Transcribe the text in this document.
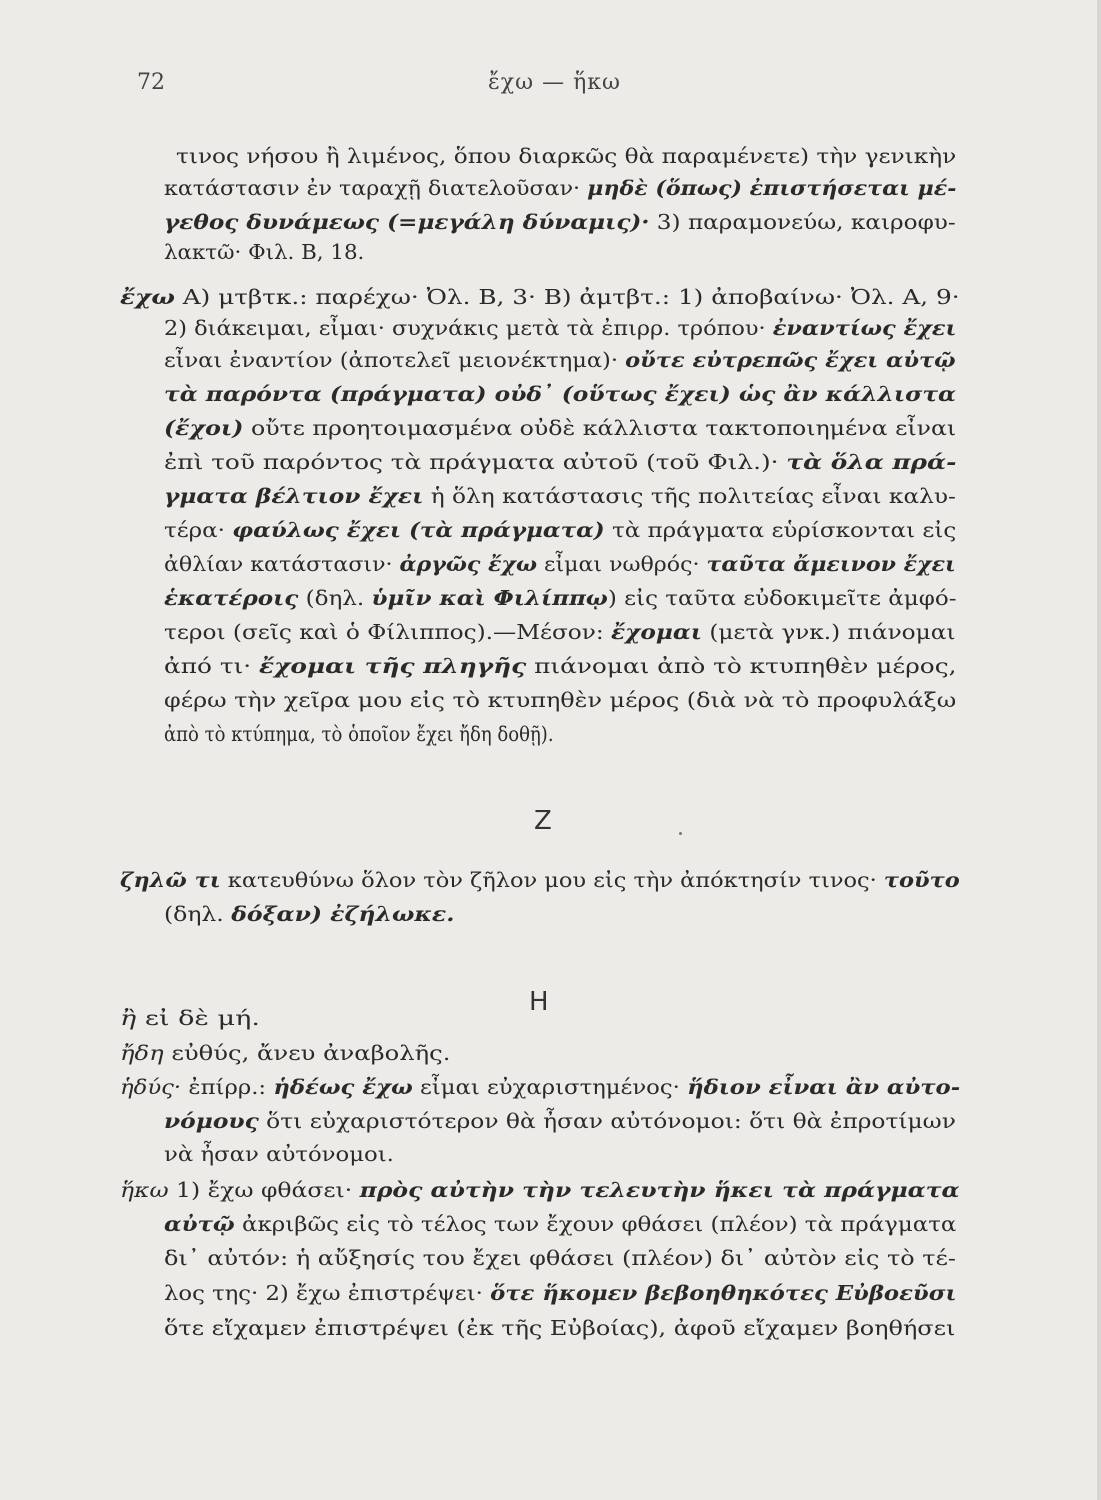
72	ἔχω — ἥκω
Z
H
τινος νήσου ἢ λιμένος, ὅπου διαρκῶς θὰ παραμένετε) τὴν γενικὴν
κατάστασιν ἐν ταραχῇ διατελοῦσαν· μηδὲ (ὅπως) ἐπιστήσεται μέ-
γεθος δυνάμεως (=μεγάλη δύναμις)· 3) παραμονεύω, καιροφυ-
λακτῶ· Φιλ. Β, 18.
ἔχω Α) μτβτκ.: παρέχω· Ὀλ. Β, 3· Β) ἀμτβτ.: 1) ἀποβαίνω· Ὀλ. Α, 9·
2) διάκειμαι, εἶμαι· συχνάκις μετὰ τὰ ἐπιρρ. τρόπου· ἐναντίως ἔχει
εἶναι ἐναντίον (ἀποτελεῖ μειονέκτημα)· οὔτε εὐτρεπῶς ἔχει αὐτῷ
τὰ παρόντα (πράγματα) οὐδ᾽ (οὕτως ἔχει) ὡς ἂν κάλλιστα
(ἔχοι) οὔτε προητοιμασμένα οὐδὲ κάλλιστα τακτοποιημένα εἶναι
ἐπὶ τοῦ παρόντος τὰ πράγματα αὐτοῦ (τοῦ Φιλ.)· τὰ ὅλα πρά-
γματα βέλτιον ἔχει ἡ ὅλη κατάστασις τῆς πολιτείας εἶναι καλυ-
τέρα· φαύλως ἔχει (τὰ πράγματα) τὰ πράγματα εὑρίσκονται εἰς
ἀθλίαν κατάστασιν· ἀργῶς ἔχω εἶμαι νωθρός· ταῦτα ἄμεινον ἔχει
ἑκατέροις (δηλ. ὑμῖν καὶ Φιλίππῳ) εἰς ταῦτα εὐδοκιμεῖτε ἀμφό-
τεροι (σεῖς καὶ ὁ Φίλιππος).—Μέσον: ἔχομαι (μετὰ γνκ.) πιάνομαι
ἀπό τι· ἔχομαι τῆς πληγῆς πιάνομαι ἀπὸ τὸ κτυπηθὲν μέρος,
φέρω τὴν χεῖρα μου εἰς τὸ κτυπηθὲν μέρος (διὰ νὰ τὸ προφυλάξω
ἀπὸ τὸ κτύπημα, τὸ ὁποῖον ἔχει ἤδη δοθῇ).
ζηλῶ τι κατευθύνω ὅλον τὸν ζῆλον μου εἰς τὴν ἀπόκτησίν τινος· τοῦτο
(δηλ. δόξαν) ἐζήλωκε.
ἢ εἰ δὲ μή.
ἤδη εὐθύς, ἄνευ ἀναβολῆς.
ἡδύς· ἐπίρρ.: ἡδέως ἔχω εἶμαι εὐχαριστημένος· ἥδιον εἶναι ἂν αὐτο-
νόμους ὅτι εὐχαριστότερον θὰ ἦσαν αὐτόνομοι: ὅτι θὰ ἐπροτίμων
νὰ ἦσαν αὐτόνομοι.
ἥκω 1) ἔχω φθάσει· πρὸς αὐτὴν τὴν τελευτὴν ἥκει τὰ πράγματα
αὐτῷ ἀκριβῶς εἰς τὸ τέλος των ἔχουν φθάσει (πλέον) τὰ πράγματα
δι᾽ αὐτόν: ἡ αὔξησίς του ἔχει φθάσει (πλέον) δι᾽ αὐτὸν εἰς τὸ τέ-
λος της· 2) ἔχω ἐπιστρέψει· ὅτε ἥκομεν βεβοηθηκότες Εὐβοεῦσι
ὅτε εἴχαμεν ἐπιστρέψει (ἐκ τῆς Εὐβοίας), ἀφοῦ εἴχαμεν βοηθήσει
